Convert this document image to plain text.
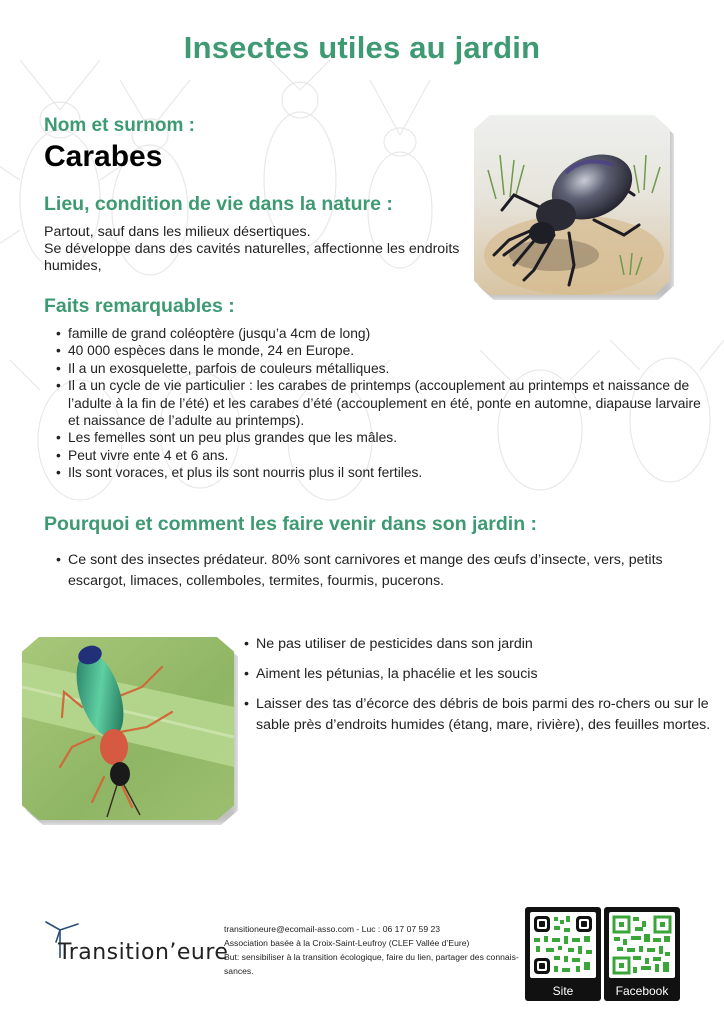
Insectes utiles au jardin
Nom et surnom :
Carabes
Lieu, condition de vie dans la nature :
Partout, sauf dans les milieux désertiques.
Se développe dans des cavités naturelles, affectionne les endroits humides,
Faits remarquables :
• famille de grand coléoptère (jusqu’a 4cm de long)
• 40 000 espèces dans le monde, 24 en Europe.
• Il a un exosquelette, parfois de couleurs métalliques.
• Il a un cycle de vie particulier : les carabes de printemps (accouplement au printemps et naissance de l’adulte à la fin de l’été) et les carabes d’été (accouplement en été, ponte en automne, diapause larvaire et naissance de l’adulte au printemps).
• Les femelles sont un peu plus grandes que les mâles.
• Peut vivre ente 4 et 6 ans.
• Ils sont voraces, et plus ils sont nourris plus il sont fertiles.
Pourquoi et comment les faire venir dans son jardin :
• Ce sont des insectes prédateur. 80% sont carnivores et mange des œufs d’insecte, vers, petits escargot, limaces, collemboles, termites, fourmis, pucerons.
• Ne pas utiliser de pesticides dans son jardin
• Aiment les pétunias, la phacélie et les soucis
• Laisser des tas d’écorce des débris de bois parmi des ro-chers ou sur le sable près d’endroits humides (étang, mare, rivière), des feuilles mortes.
Transition’eure
transitioneure@ecomail-asso.com - Luc : 06 17 07 59 23
Association basée à la Croix-Saint-Leufroy (CLEF Vallée d’Eure)
But: sensibiliser à la transition écologique, faire du lien, partager des connais-sances.
Site	Facebook
